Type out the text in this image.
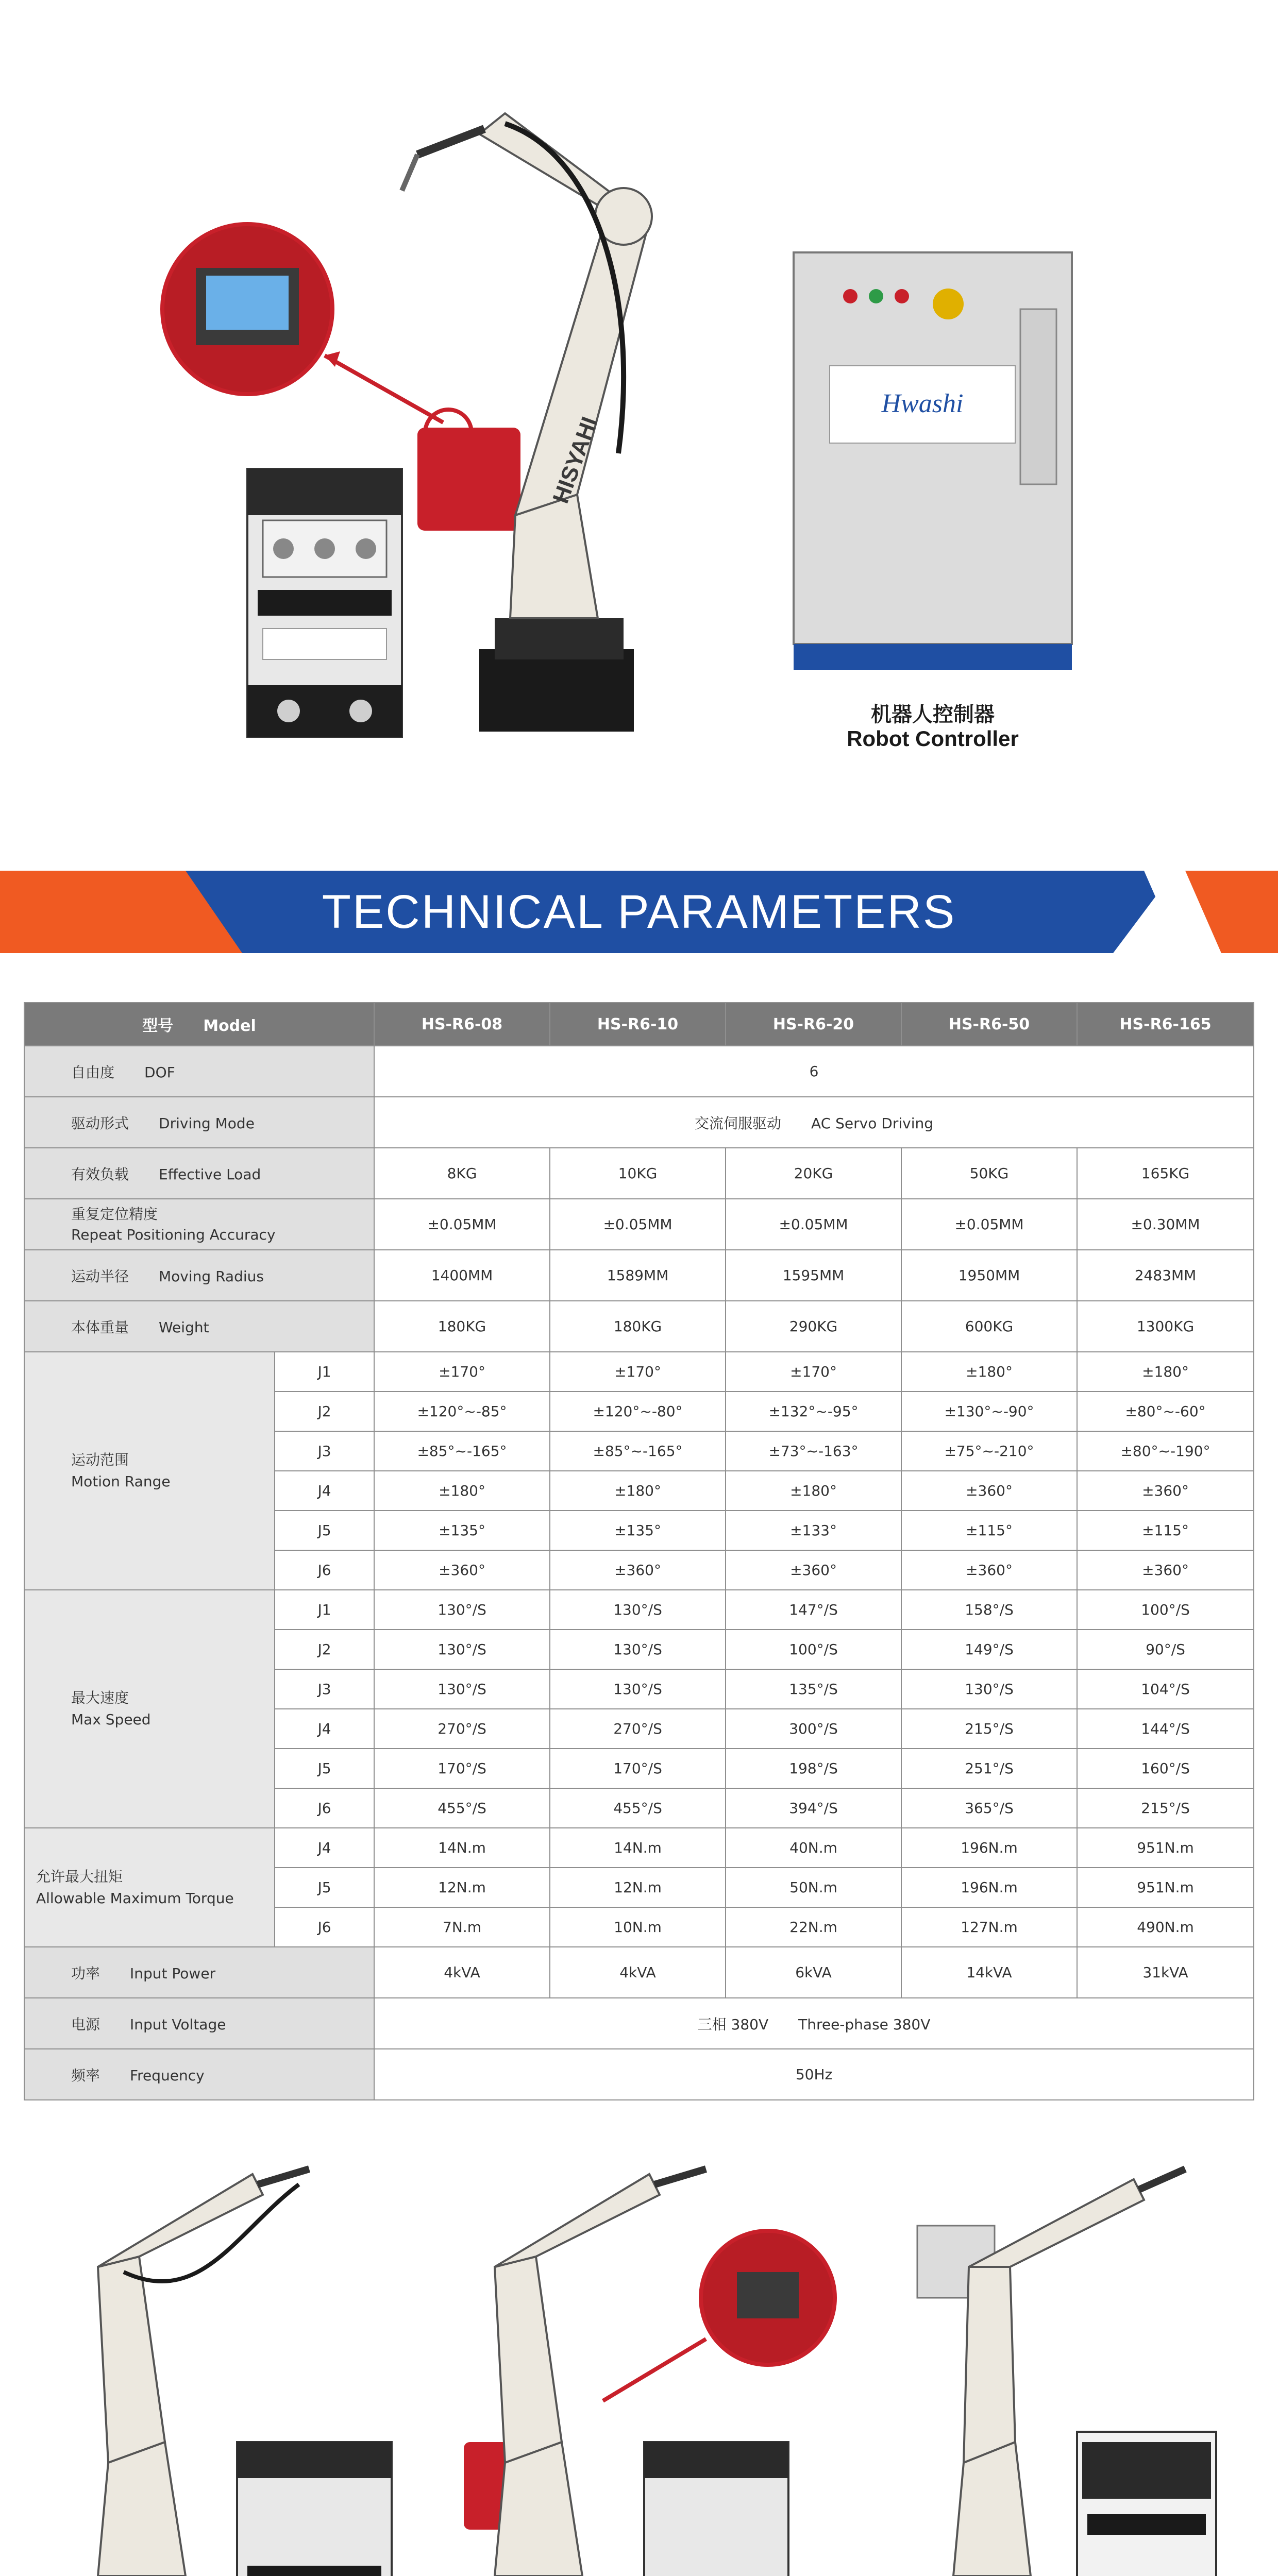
HISYAHI
Hwashi
机器人控制器
Robot Controller
TECHNICAL PARAMETERS
型号 Model		HS-R6-08	HS-R6-10	HS-R6-20	HS-R6-50	HS-R6-165
自由度 DOF		6				
驱动形式 Driving Mode		交流伺服驱动 AC Servo Driving				
有效负载 Effective Load		8KG	10KG	20KG	50KG	165KG
重复定位精度
Repeat Positioning Accuracy		±0.05MM	±0.05MM	±0.05MM	±0.05MM	±0.30MM
运动半径 Moving Radius		1400MM	1589MM	1595MM	1950MM	2483MM
本体重量 Weight		180KG	180KG	290KG	600KG	1300KG
运动范围
Motion Range	J1	±170°	±170°	±170°	±180°	±180°
	J2	±120°~-85°	±120°~-80°	±132°~-95°	±130°~-90°	±80°~-60°
	J3	±85°~-165°	±85°~-165°	±73°~-163°	±75°~-210°	±80°~-190°
	J4	±180°	±180°	±180°	±360°	±360°
	J5	±135°	±135°	±133°	±115°	±115°
	J6	±360°	±360°	±360°	±360°	±360°
最大速度
Max Speed	J1	130°/S	130°/S	147°/S	158°/S	100°/S
	J2	130°/S	130°/S	100°/S	149°/S	90°/S
	J3	130°/S	130°/S	135°/S	130°/S	104°/S
	J4	270°/S	270°/S	300°/S	215°/S	144°/S
	J5	170°/S	170°/S	198°/S	251°/S	160°/S
	J6	455°/S	455°/S	394°/S	365°/S	215°/S
允许最大扭矩
Allowable Maximum Torque	J4	14N.m	14N.m	40N.m	196N.m	951N.m
	J5	12N.m	12N.m	50N.m	196N.m	951N.m
	J6	7N.m	10N.m	22N.m	127N.m	490N.m
功率 Input Power		4kVA	4kVA	6kVA	14kVA	31kVA
电源 Input Voltage		三相 380V Three-phase 380V				
频率 Frequency		50Hz				
